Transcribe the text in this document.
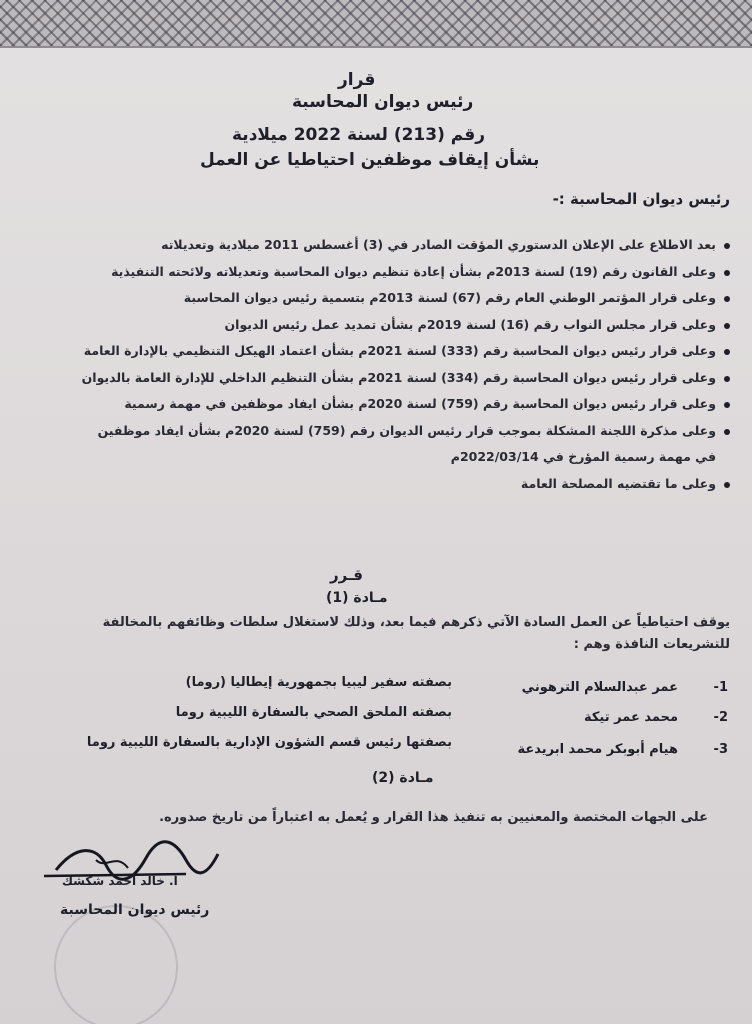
قرار
رئيس ديوان المحاسبة
رقم (213) لسنة 2022 ميلادية
بشأن إيقاف موظفين احتياطيا عن العمل
رئيس ديوان المحاسبة :-
بعد الاطلاع على الإعلان الدستوري المؤقت الصادر في (3) أغسطس 2011 ميلادية وتعديلاته
وعلى القانون رقم (19) لسنة 2013م بشأن إعادة تنظيم ديوان المحاسبة وتعديلاته ولائحته التنفيذية
وعلى قرار المؤتمر الوطني العام رقم (67) لسنة 2013م بتسمية رئيس ديوان المحاسبة
وعلى قرار مجلس النواب رقم (16) لسنة 2019م بشأن تمديد عمل رئيس الديوان
وعلى قرار رئيس ديوان المحاسبة رقم (333) لسنة 2021م بشأن اعتماد الهيكل التنظيمي بالإدارة العامة
وعلى قرار رئيس ديوان المحاسبة رقم (334) لسنة 2021م بشأن التنظيم الداخلي للإدارة العامة بالديوان
وعلى قرار رئيس ديوان المحاسبة رقم (759) لسنة 2020م بشأن ايفاد موظفين في مهمة رسمية
وعلى مذكرة اللجنة المشكلة بموجب قرار رئيس الديوان رقم (759) لسنة 2020م بشأن ايفاد موظفين
في مهمة رسمية المؤرخ في 2022/03/14م
وعلى ما تقتضيه المصلحة العامة
قـرر
مـادة (1)
يوقف احتياطياً عن العمل السادة الآتي ذكرهم فيما بعد، وذلك لاستغلال سلطات وظائفهم بالمخالفة
للتشريعات النافذة وهم :
1-
عمر عبدالسلام الترهوني
بصفته سفير ليبيا بجمهورية إيطاليا (روما)
2-
محمد عمر تيكة
بصفته الملحق الصحي بالسفارة الليبية روما
3-
هيام أبوبكر محمد ابريدعة
بصفتها رئيس قسم الشؤون الإدارية بالسفارة الليبية روما
مـادة (2)
على الجهات المختصة والمعنيين به تنفيذ هذا القرار و يُعمل به اعتباراً من تاريخ صدوره.
أ. خالد أحمد شكشك
رئيس ديوان المحاسبة
